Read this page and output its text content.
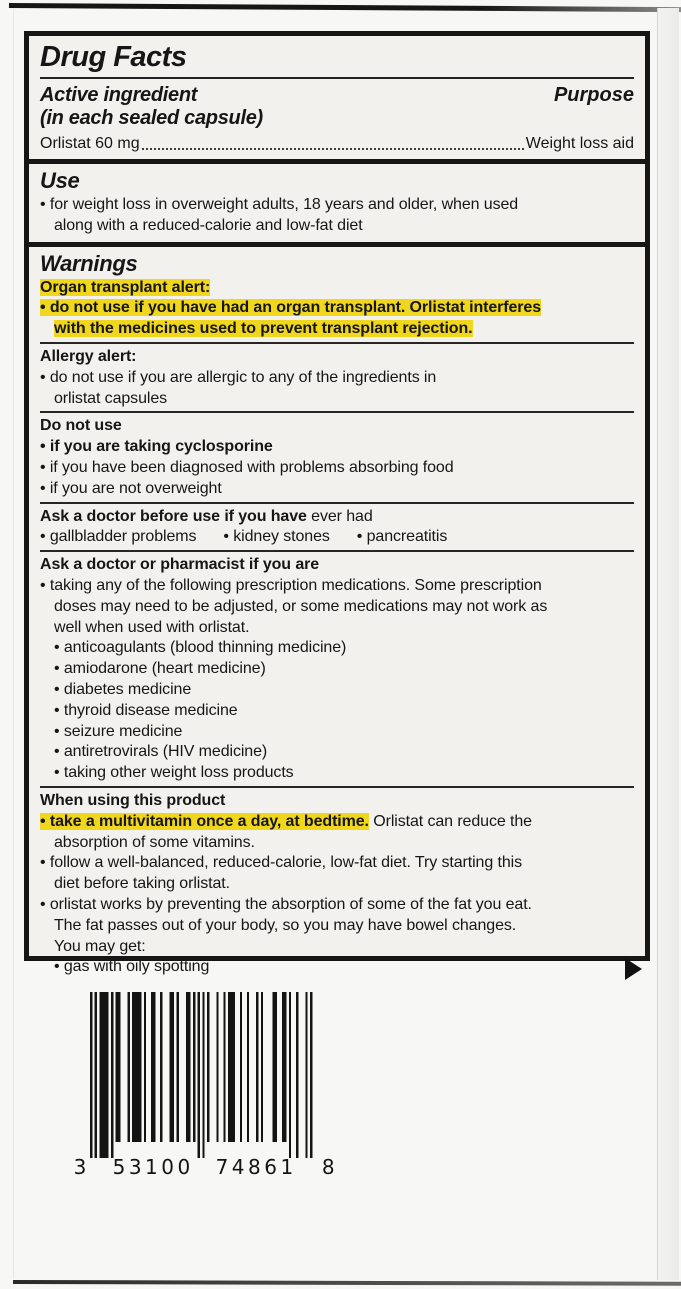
Drug Facts
Active ingredient
(in each sealed capsule)
Purpose
Orlistat 60 mg	Weight loss aid
Use

• for weight loss in overweight adults, 18 years and older, when used
along with a reduced-calorie and low-fat diet

Warnings

Organ transplant alert:

• do not use if you have had an organ transplant. Orlistat interferes
with the medicines used to prevent transplant rejection.

Allergy alert:

• do not use if you are allergic to any of the ingredients in
orlistat capsules

Do not use

• if you are taking cyclosporine

• if you have been diagnosed with problems absorbing food

• if you are not overweight

Ask a doctor before use if you have ever had

• gallbladder problems • kidney stones • pancreatitis

Ask a doctor or pharmacist if you are

• taking any of the following prescription medications. Some prescription
doses may need to be adjusted, or some medications may not work as
well when used with orlistat.

• anticoagulants (blood thinning medicine)

• amiodarone (heart medicine)

• diabetes medicine

• thyroid disease medicine

• seizure medicine

• antiretrovirals (HIV medicine)

• taking other weight loss products

When using this product

• take a multivitamin once a day, at bedtime. Orlistat can reduce the
absorption of some vitamins.

• follow a well-balanced, reduced-calorie, low-fat diet. Try starting this
diet before taking orlistat.

• orlistat works by preventing the absorption of some of the fat you eat.
The fat passes out of your body, so you may have bowel changes.
You may get:

• gas with oily spotting

3 53100 74861 8
